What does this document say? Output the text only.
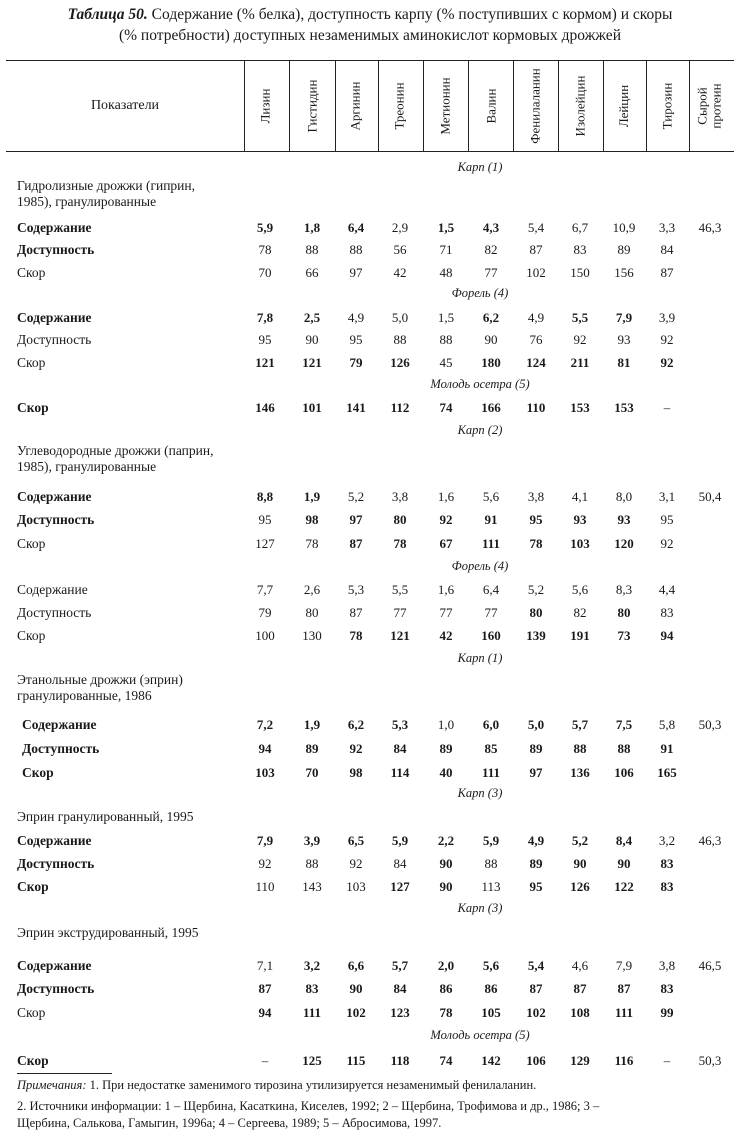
Таблица 50. Содержание (% белка), доступность карпу (% поступивших с кормом) и скоры
(% потребности) доступных незаменимых аминокислот кормовых дрожжей
Показатели	Лизин Гистидин Аргинин Треонин Метионин Валин Фенилаланин Изолейцин Лейцин Тирозин Сырой протеин
Карп (1)
Гидролизные дрожжи (гиприн,
1985), гранулированные
Содержание	5,9	1,8	6,4	2,9	1,5	4,3	5,4	6,7	10,9	3,3	46,3
Доступность	78	88	88	56	71	82	87	83	89	84
Скор	70	66	97	42	48	77	102	150	156	87
Форель (4)
Содержание	7,8	2,5	4,9	5,0	1,5	6,2	4,9	5,5	7,9	3,9
Доступность	95	90	95	88	88	90	76	92	93	92
Скор	121	121	79	126	45	180	124	211	81	92
Молодь осетра (5)
Скор	146	101	141	112	74	166	110	153	153	–
Карп (2)
Углеводородные дрожжи (паприн,
1985), гранулированные
Содержание	8,8	1,9	5,2	3,8	1,6	5,6	3,8	4,1	8,0	3,1	50,4
Доступность	95	98	97	80	92	91	95	93	93	95
Скор	127	78	87	78	67	111	78	103	120	92
Форель (4)
Содержание	7,7	2,6	5,3	5,5	1,6	6,4	5,2	5,6	8,3	4,4
Доступность	79	80	87	77	77	77	80	82	80	83
Скор	100	130	78	121	42	160	139	191	73	94
Карп (1)
Этанольные дрожжи (эприн)
гранулированные, 1986
Содержание	7,2	1,9	6,2	5,3	1,0	6,0	5,0	5,7	7,5	5,8	50,3
Доступность	94	89	92	84	89	85	89	88	88	91
Скор	103	70	98	114	40	111	97	136	106	165
Карп (3)
Эприн гранулированный, 1995
Содержание	7,9	3,9	6,5	5,9	2,2	5,9	4,9	5,2	8,4	3,2	46,3
Доступность	92	88	92	84	90	88	89	90	90	83
Скор	110	143	103	127	90	113	95	126	122	83
Карп (3)
Эприн экструдированный, 1995
Содержание	7,1	3,2	6,6	5,7	2,0	5,6	5,4	4,6	7,9	3,8	46,5
Доступность	87	83	90	84	86	86	87	87	87	83
Скор	94	111	102	123	78	105	102	108	111	99
Молодь осетра (5)
Скор	–	125	115	118	74	142	106	129	116	–	50,3
Примечания: 1. При недостатке заменимого тирозина утилизируется незаменимый фенилаланин.
2. Источники информации: 1 – Щербина, Касаткина, Киселев, 1992; 2 – Щербина, Трофимова и др., 1986; 3 –
Щербина, Салькова, Гамыгин, 1996а; 4 – Сергеева, 1989; 5 – Абросимова, 1997.
